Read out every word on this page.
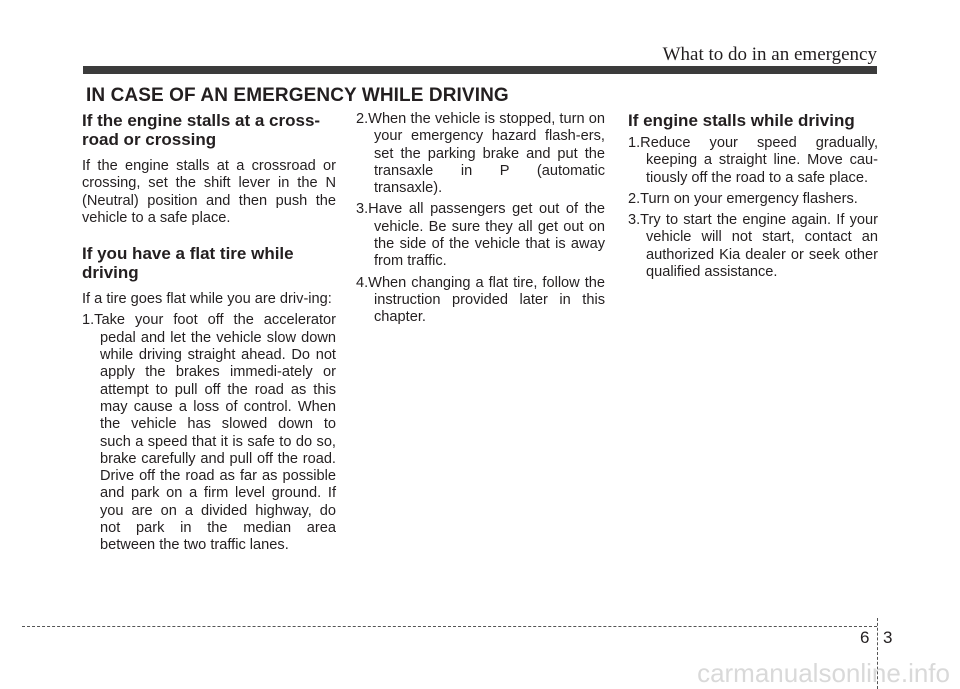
What to do in an emergency
IN CASE OF AN EMERGENCY WHILE DRIVING
If the engine stalls at a cross-
road or crossing

If the engine stalls at a crossroad or crossing, set the shift lever in the N (Neutral) position and then push the vehicle to a safe place.

If you have a flat tire while
driving

If a tire goes flat while you are driv-ing:

1.Take your foot off the accelerator pedal and let the vehicle slow down while driving straight ahead. Do not apply the brakes immedi-ately or attempt to pull off the road as this may cause a loss of control. When the vehicle has slowed down to such a speed that it is safe to do so, brake carefully and pull off the road. Drive off the road as far as possible and park on a firm level ground. If you are on a divided highway, do not park in the median area between the two traffic lanes.
2.When the vehicle is stopped, turn on your emergency hazard flash-ers, set the parking brake and put the transaxle in P (automatic transaxle).
3.Have all passengers get out of the vehicle. Be sure they all get out on the side of the vehicle that is away from traffic.
4.When changing a flat tire, follow the instruction provided later in this chapter.
If engine stalls while driving
1.Reduce your speed gradually, keeping a straight line. Move cau-tiously off the road to a safe place.
2.Turn on your emergency flashers.
3.Try to start the engine again. If your vehicle will not start, contact an authorized Kia dealer or seek other qualified assistance.
6 3
carmanualsonline.info
